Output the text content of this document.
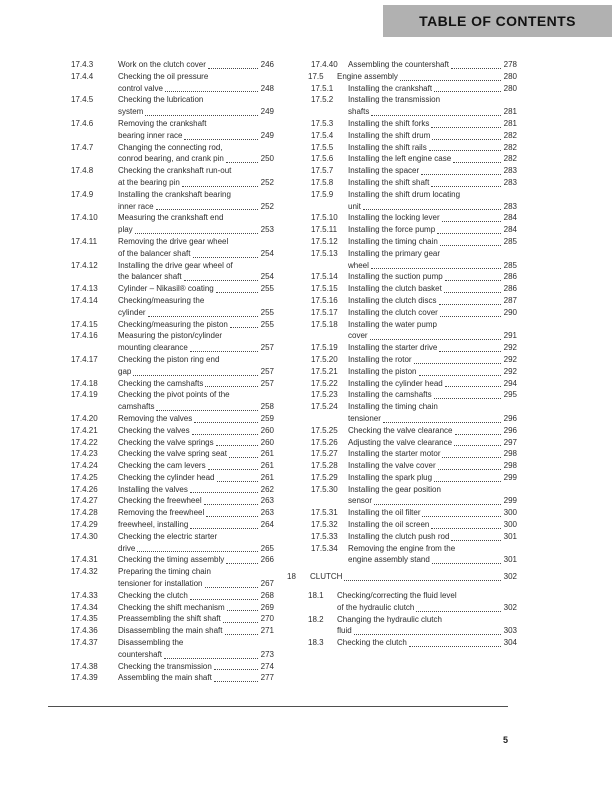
TABLE OF CONTENTS
17.4.3	Work on the clutch cover	246
17.4.4	Checking the oil pressure
control valve	248
17.4.5	Checking the lubrication
system	249
17.4.6	Removing the crankshaft
bearing inner race	249
17.4.7	Changing the connecting rod,
conrod bearing, and crank pin	250
17.4.8	Checking the crankshaft run-out
at the bearing pin	252
17.4.9	Installing the crankshaft bearing
inner race	252
17.4.10	Measuring the crankshaft end
play	253
17.4.11	Removing the drive gear wheel
of the balancer shaft	254
17.4.12	Installing the drive gear wheel of
the balancer shaft	254
17.4.13	Cylinder – Nikasil® coating	255
17.4.14	Checking/measuring the
cylinder	255
17.4.15	Checking/measuring the piston	255
17.4.16	Measuring the piston/cylinder
mounting clearance	257
17.4.17	Checking the piston ring end
gap	257
17.4.18	Checking the camshafts	257
17.4.19	Checking the pivot points of the
camshafts	258
17.4.20	Removing the valves	259
17.4.21	Checking the valves	260
17.4.22	Checking the valve springs	260
17.4.23	Checking the valve spring seat	261
17.4.24	Checking the cam levers	261
17.4.25	Checking the cylinder head	261
17.4.26	Installing the valves	262
17.4.27	Checking the freewheel	263
17.4.28	Removing the freewheel	263
17.4.29	freewheel, installing	264
17.4.30	Checking the electric starter
drive	265
17.4.31	Checking the timing assembly	266
17.4.32	Preparing the timing chain
tensioner for installation	267
17.4.33	Checking the clutch	268
17.4.34	Checking the shift mechanism	269
17.4.35	Preassembling the shift shaft	270
17.4.36	Disassembling the main shaft	271
17.4.37	Disassembling the
countershaft	273
17.4.38	Checking the transmission	274
17.4.39	Assembling the main shaft	277
17.4.40	Assembling the countershaft	278
17.5	Engine assembly	280
17.5.1	Installing the crankshaft	280
17.5.2	Installing the transmission
shafts	281
17.5.3	Installing the shift forks	281
17.5.4	Installing the shift drum	282
17.5.5	Installing the shift rails	282
17.5.6	Installing the left engine case	282
17.5.7	Installing the spacer	283
17.5.8	Installing the shift shaft	283
17.5.9	Installing the shift drum locating
unit	283
17.5.10	Installing the locking lever	284
17.5.11	Installing the force pump	284
17.5.12	Installing the timing chain	285
17.5.13	Installing the primary gear
wheel	285
17.5.14	Installing the suction pump	286
17.5.15	Installing the clutch basket	286
17.5.16	Installing the clutch discs	287
17.5.17	Installing the clutch cover	290
17.5.18	Installing the water pump
cover	291
17.5.19	Installing the starter drive	292
17.5.20	Installing the rotor	292
17.5.21	Installing the piston	292
17.5.22	Installing the cylinder head	294
17.5.23	Installing the camshafts	295
17.5.24	Installing the timing chain
tensioner	296
17.5.25	Checking the valve clearance	296
17.5.26	Adjusting the valve clearance	297
17.5.27	Installing the starter motor	298
17.5.28	Installing the valve cover	298
17.5.29	Installing the spark plug	299
17.5.30	Installing the gear position
sensor	299
17.5.31	Installing the oil filter	300
17.5.32	Installing the oil screen	300
17.5.33	Installing the clutch push rod	301
17.5.34	Removing the engine from the
engine assembly stand	301
18	CLUTCH	302
18.1	Checking/correcting the fluid level
of the hydraulic clutch	302
18.2	Changing the hydraulic clutch
fluid	303
18.3	Checking the clutch	304
5
